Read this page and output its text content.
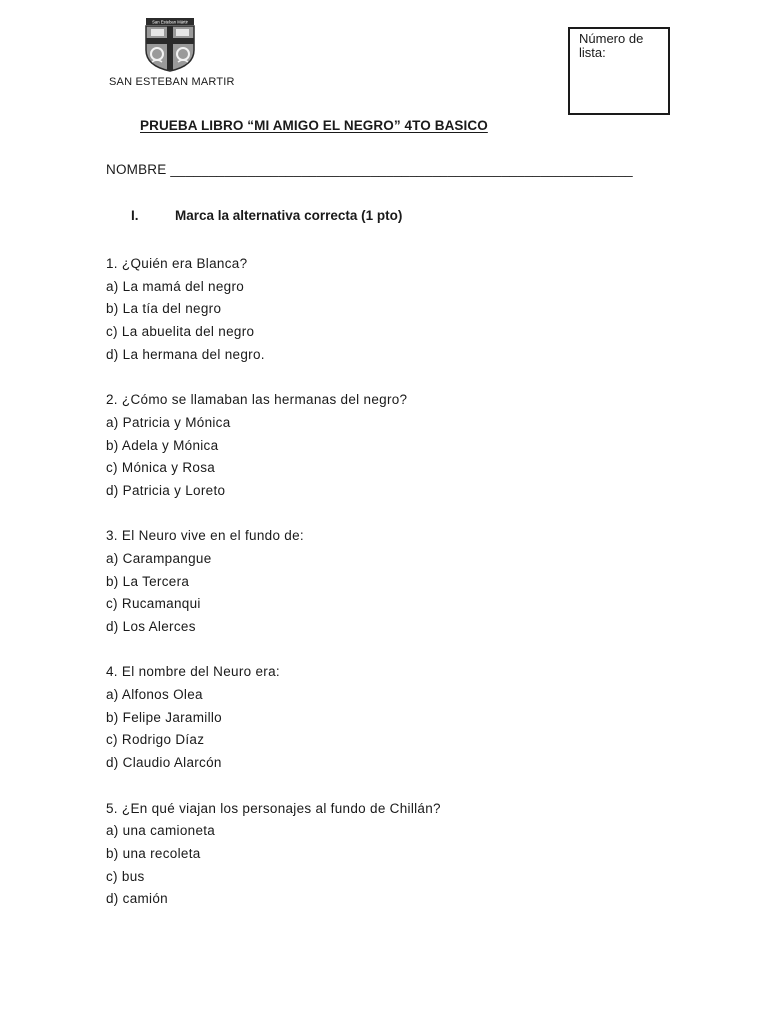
San Esteban Mártir
SAN ESTEBAN MARTIR
Número de lista:
PRUEBA LIBRO “MI AMIGO EL NEGRO” 4TO BASICO
NOMBRE ____________________________________________________________
I.	Marca la alternativa correcta (1 pto)
1. ¿Quién era Blanca?
a) La mamá del negro
b) La tía del negro
c) La abuelita del negro
d) La hermana del negro.
2. ¿Cómo se llamaban las hermanas del negro?
a) Patricia y Mónica
b) Adela y Mónica
c) Mónica y Rosa
d) Patricia y Loreto
3. El Neuro vive en el fundo de:
a) Carampangue
b) La Tercera
c) Rucamanqui
d) Los Alerces
4. El nombre del Neuro era:
a) Alfonos Olea
b) Felipe Jaramillo
c) Rodrigo Díaz
d) Claudio Alarcón
5. ¿En qué viajan los personajes al fundo de Chillán?
a) una camioneta
b) una recoleta
c) bus
d) camión
